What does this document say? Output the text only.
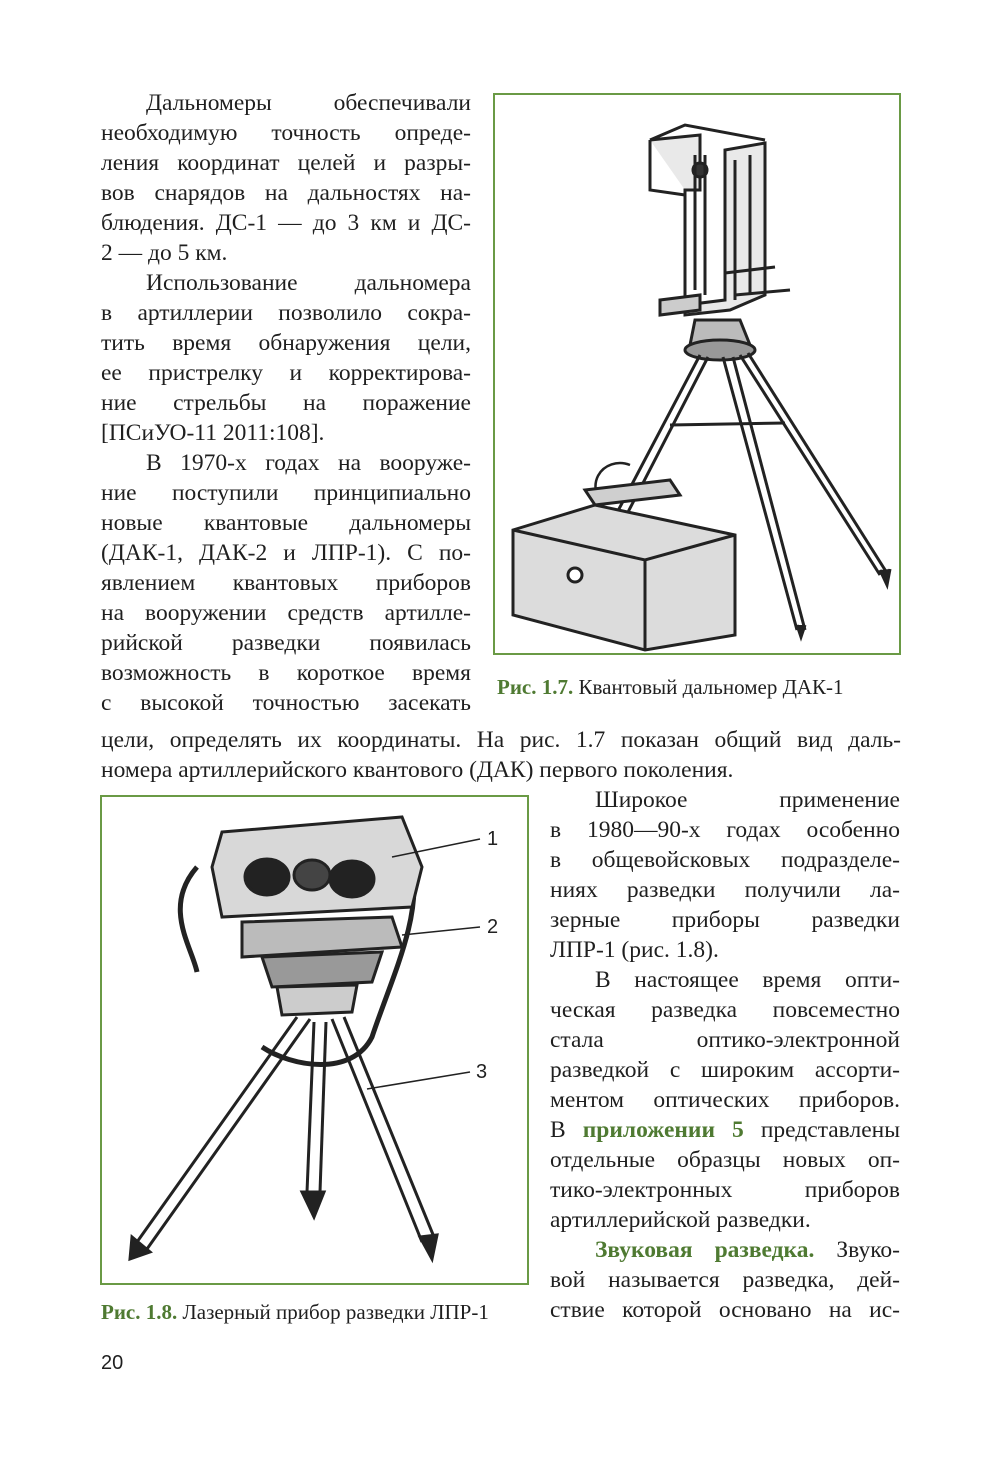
Дальномеры обеспечивали
необходимую точность опреде-
ления координат целей и разры-
вов снарядов на дальностях на-
блюдения. ДС-1 — до 3 км и ДС-
2 — до 5 км.
Использование дальномера
в артиллерии позволило сокра-
тить время обнаружения цели,
ее пристрелку и корректирова-
ние стрельбы на поражение
[ПСиУО-11 2011:108].
В 1970-х годах на вооруже-
ние поступили принципиально
новые квантовые дальномеры
(ДАК-1, ДАК-2 и ЛПР-1). С по-
явлением квантовых приборов
на вооружении средств артилле-
рийской разведки появилась
возможность в короткое время
с высокой точностью засекать
Рис. 1.7. Квантовый дальномер ДАК-1
цели, определять их координаты. На рис. 1.7 показан общий вид даль-
номера артиллерийского квантового (ДАК) первого поколения.
1
2
3
Рис. 1.8. Лазерный прибор разведки ЛПР-1
Широкое применение
в 1980—90-х годах особенно
в общевойсковых подразделе-
ниях разведки получили ла-
зерные приборы разведки
ЛПР-1 (рис. 1.8).
В настоящее время опти-
ческая разведка повсеместно
стала оптико-электронной
разведкой с широким ассорти-
ментом оптических приборов.
В приложении 5 представлены
отдельные образцы новых оп-
тико-электронных приборов
артиллерийской разведки.
Звуковая разведка. Звуко-
вой называется разведка, дей-
ствие которой основано на ис-
20
